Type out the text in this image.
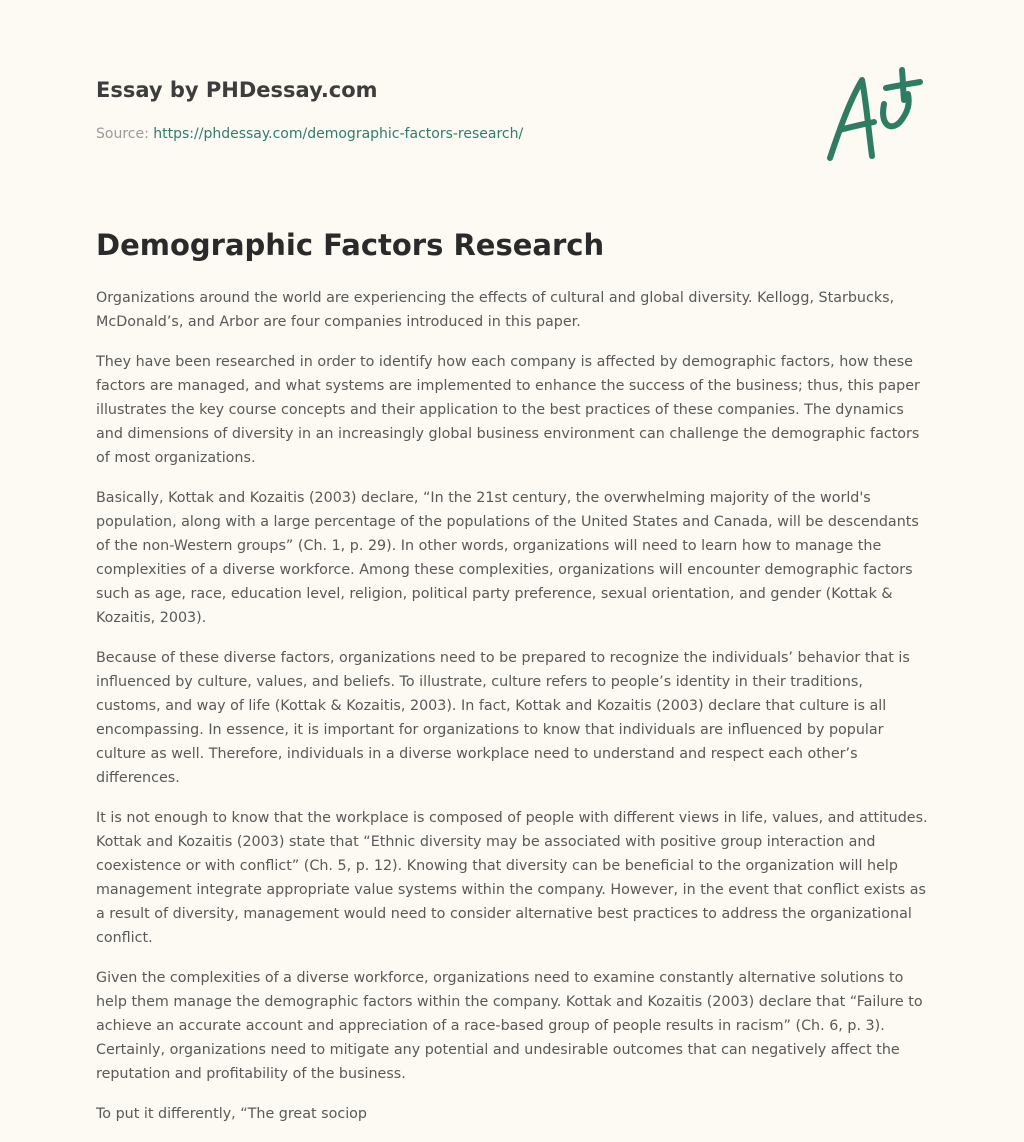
Essay by PHDessay.com

Source: https://phdessay.com/demographic-factors-research/

Demographic Factors Research

Organizations around the world are experiencing the effects of cultural and global diversity. Kellogg, Starbucks, McDonald’s, and Arbor are four companies introduced in this paper.

They have been researched in order to identify how each company is affected by demographic factors, how these factors are managed, and what systems are implemented to enhance the success of the business; thus, this paper illustrates the key course concepts and their application to the best practices of these companies. The dynamics and dimensions of diversity in an increasingly global business environment can challenge the demographic factors of most organizations.

Basically, Kottak and Kozaitis (2003) declare, “In the 21st century, the overwhelming majority of the world's population, along with a large percentage of the populations of the United States and Canada, will be descendants of the non-Western groups” (Ch. 1, p. 29). In other words, organizations will need to learn how to manage the complexities of a diverse workforce. Among these complexities, organizations will encounter demographic factors such as age, race, education level, religion, political party preference, sexual orientation, and gender (Kottak & Kozaitis, 2003).

Because of these diverse factors, organizations need to be prepared to recognize the individuals’ behavior that is influenced by culture, values, and beliefs. To illustrate, culture refers to people’s identity in their traditions, customs, and way of life (Kottak & Kozaitis, 2003). In fact, Kottak and Kozaitis (2003) declare that culture is all encompassing. In essence, it is important for organizations to know that individuals are influenced by popular culture as well. Therefore, individuals in a diverse workplace need to understand and respect each other’s differences.

It is not enough to know that the workplace is composed of people with different views in life, values, and attitudes. Kottak and Kozaitis (2003) state that “Ethnic diversity may be associated with positive group interaction and coexistence or with conflict” (Ch. 5, p. 12). Knowing that diversity can be beneficial to the organization will help management integrate appropriate value systems within the company. However, in the event that conflict exists as a result of diversity, management would need to consider alternative best practices to address the organizational conflict.

Given the complexities of a diverse workforce, organizations need to examine constantly alternative solutions to help them manage the demographic factors within the company. Kottak and Kozaitis (2003) declare that “Failure to achieve an accurate account and appreciation of a race-based group of people results in racism” (Ch. 6, p. 3). Certainly, organizations need to mitigate any potential and undesirable outcomes that can negatively affect the reputation and profitability of the business.

To put it differently, “The great sociop
